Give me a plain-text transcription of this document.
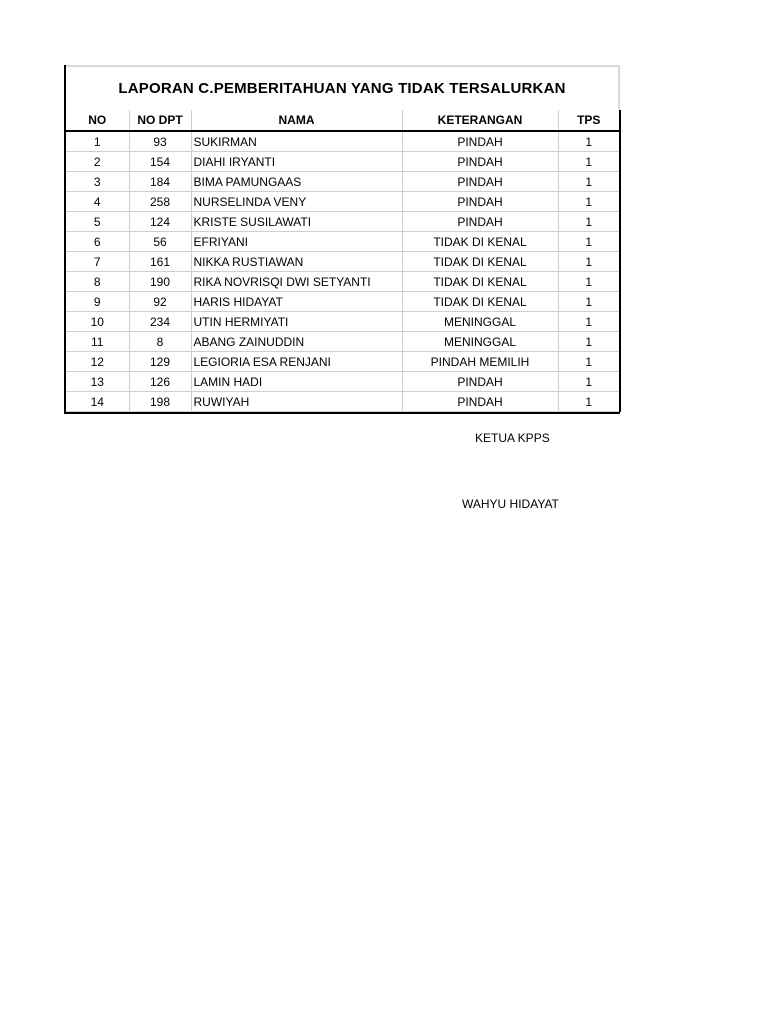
LAPORAN C.PEMBERITAHUAN YANG TIDAK TERSALURKAN
NO	NO DPT	NAMA	KETERANGAN	TPS
1	93	SUKIRMAN	PINDAH	1
2	154	DIAHI IRYANTI	PINDAH	1
3	184	BIMA PAMUNGAAS	PINDAH	1
4	258	NURSELINDA VENY	PINDAH	1
5	124	KRISTE SUSILAWATI	PINDAH	1
6	56	EFRIYANI	TIDAK DI KENAL	1
7	161	NIKKA RUSTIAWAN	TIDAK DI KENAL	1
8	190	RIKA NOVRISQI DWI SETYANTI	TIDAK DI KENAL	1
9	92	HARIS HIDAYAT	TIDAK DI KENAL	1
10	234	UTIN HERMIYATI	MENINGGAL	1
11	8	ABANG ZAINUDDIN	MENINGGAL	1
12	129	LEGIORIA ESA RENJANI	PINDAH MEMILIH	1
13	126	LAMIN HADI	PINDAH	1
14	198	RUWIYAH	PINDAH	1
KETUA KPPS
WAHYU HIDAYAT
